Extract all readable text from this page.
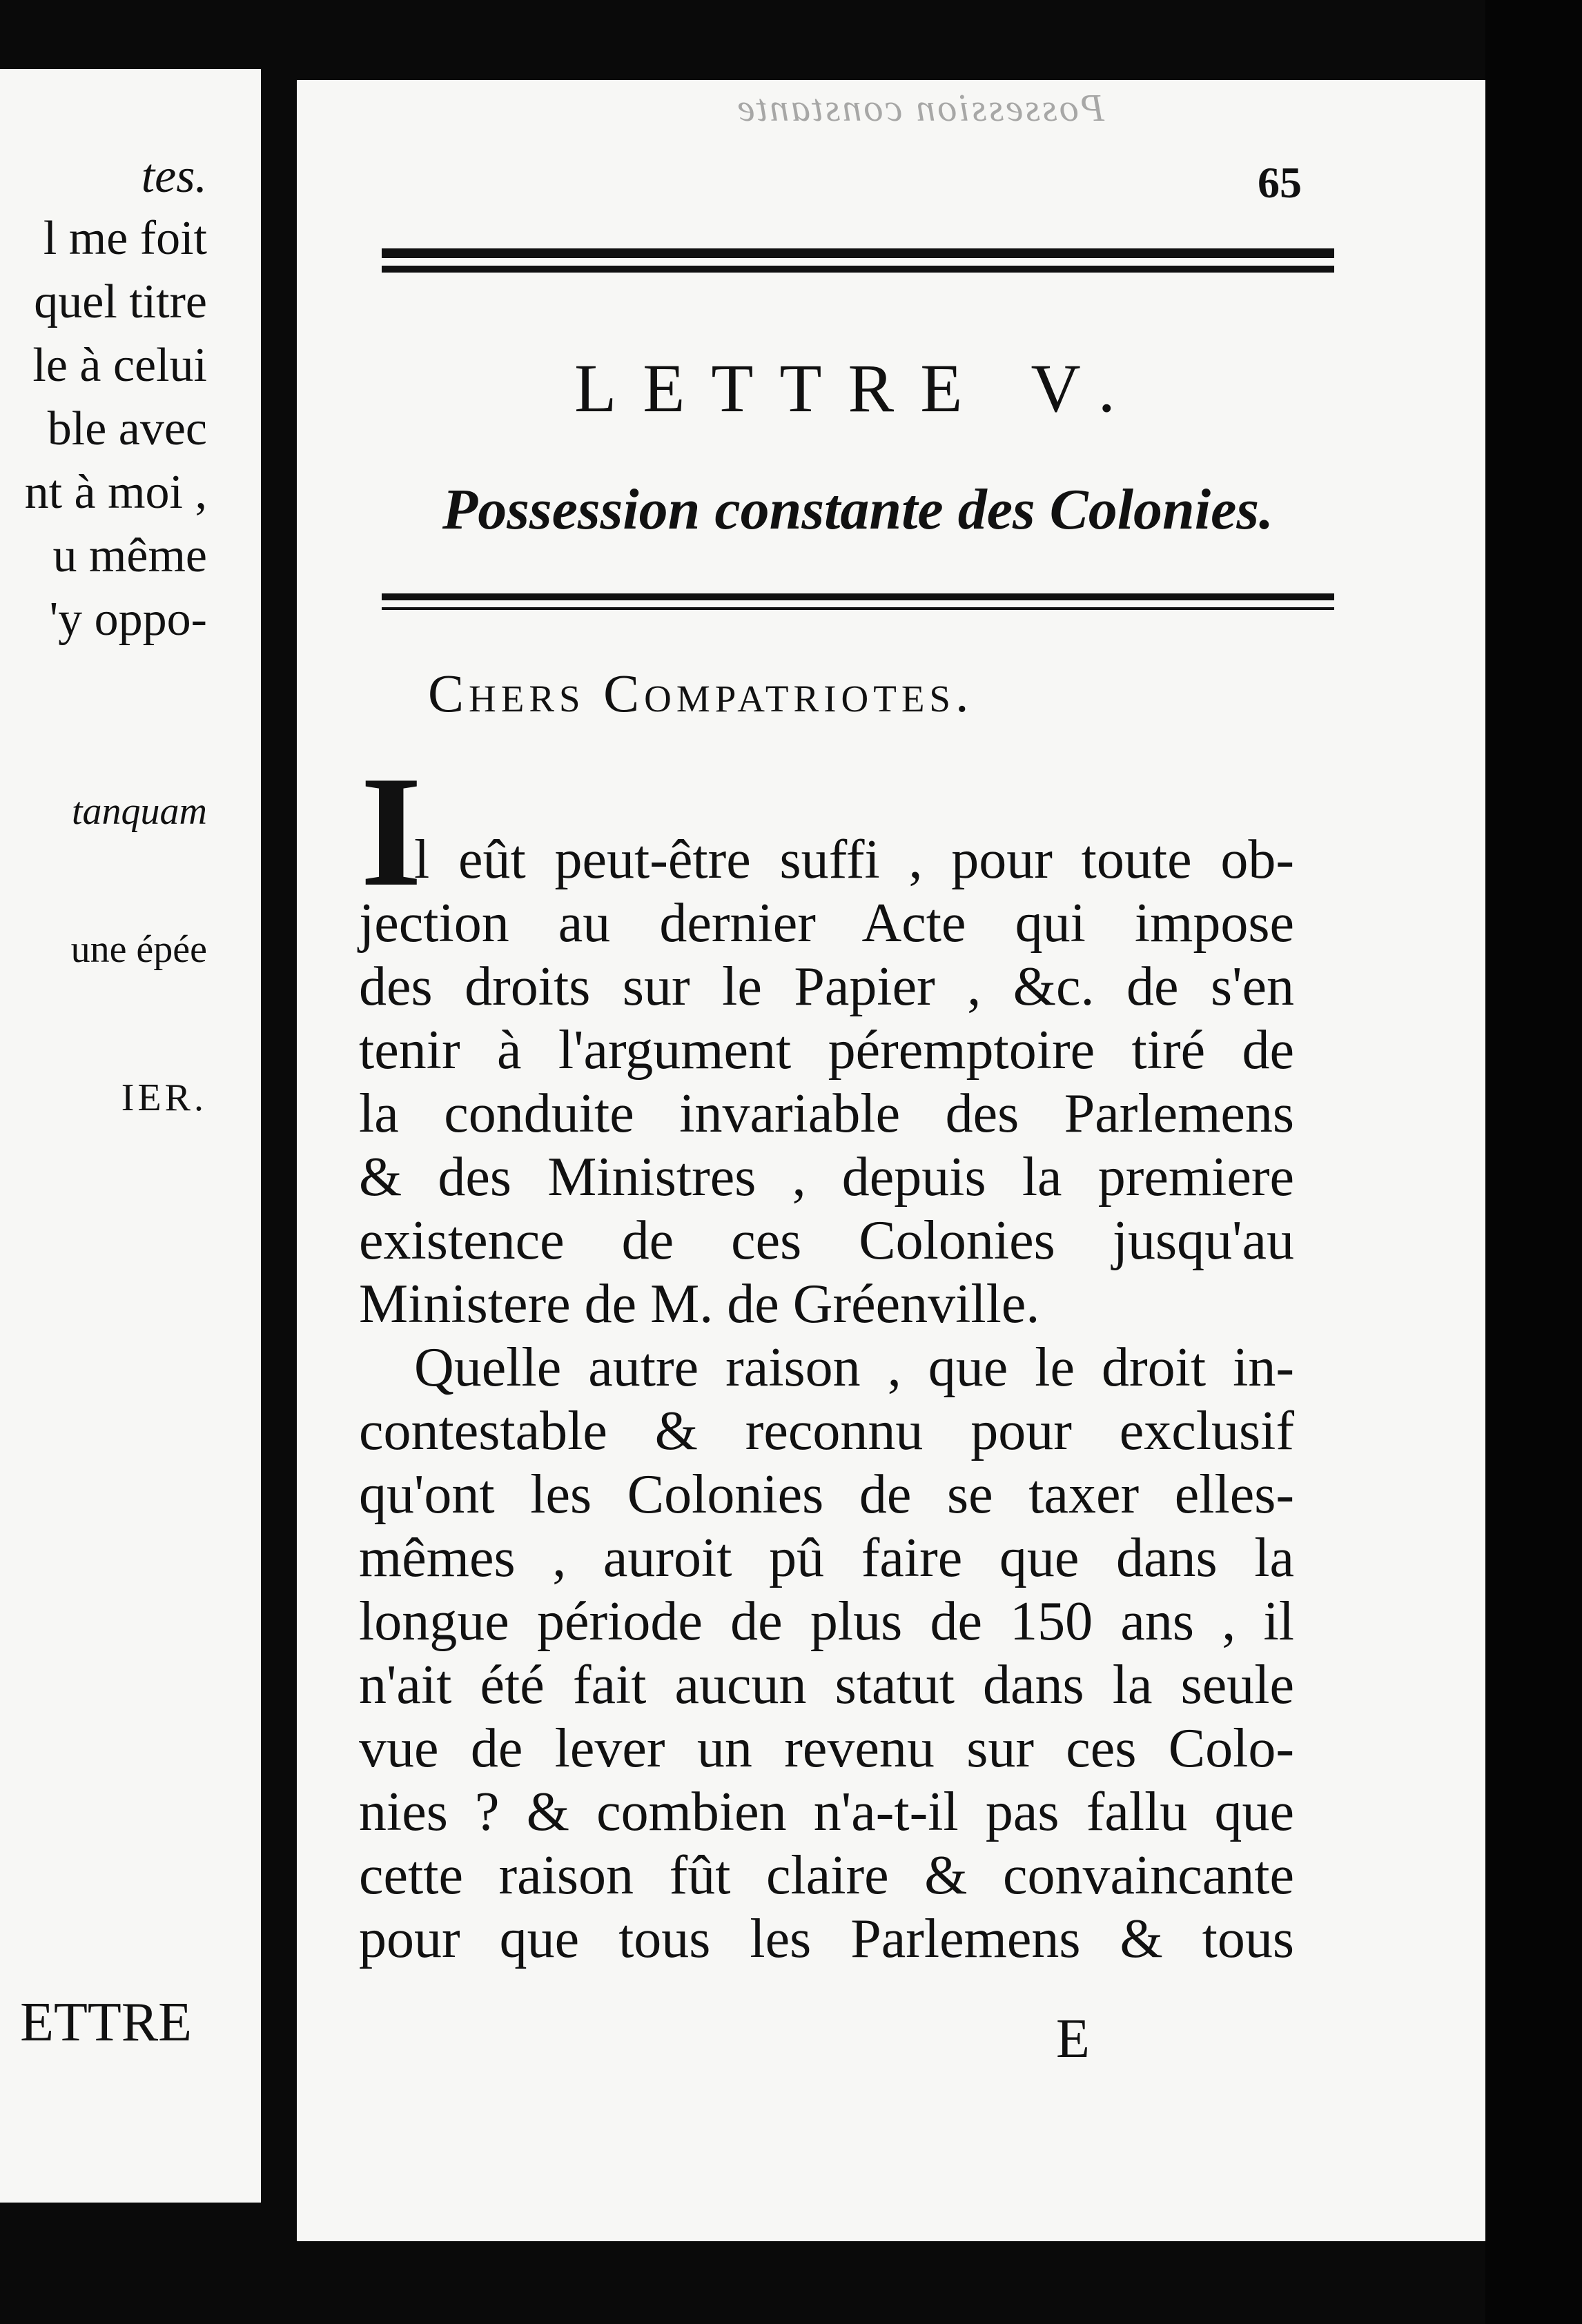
tes.
l me foit
quel titre
le à celui
ble avec
nt à moi ,
u même
'y oppo-
tanquam
une épée
IER.
ETTRE
Possession constante
65
LETTRE V.
Possession constante des Colonies.
Chers Compatriotes.
I
l eût peut-être suffi , pour toute ob-
jection au dernier Acte qui impose
des droits sur le Papier , &c. de s'en
tenir à l'argument péremptoire tiré de
la conduite invariable des Parlemens
& des Ministres , depuis la premiere
existence de ces Colonies jusqu'au
Ministere de M. de Gréenville.
Quelle autre raison , que le droit in-
contestable & reconnu pour exclusif
qu'ont les Colonies de se taxer elles-
mêmes , auroit pû faire que dans la
longue période de plus de 150 ans , il
n'ait été fait aucun statut dans la seule
vue de lever un revenu sur ces Colo-
nies ? & combien n'a-t-il pas fallu que
cette raison fût claire & convaincante
pour que tous les Parlemens & tous
E
